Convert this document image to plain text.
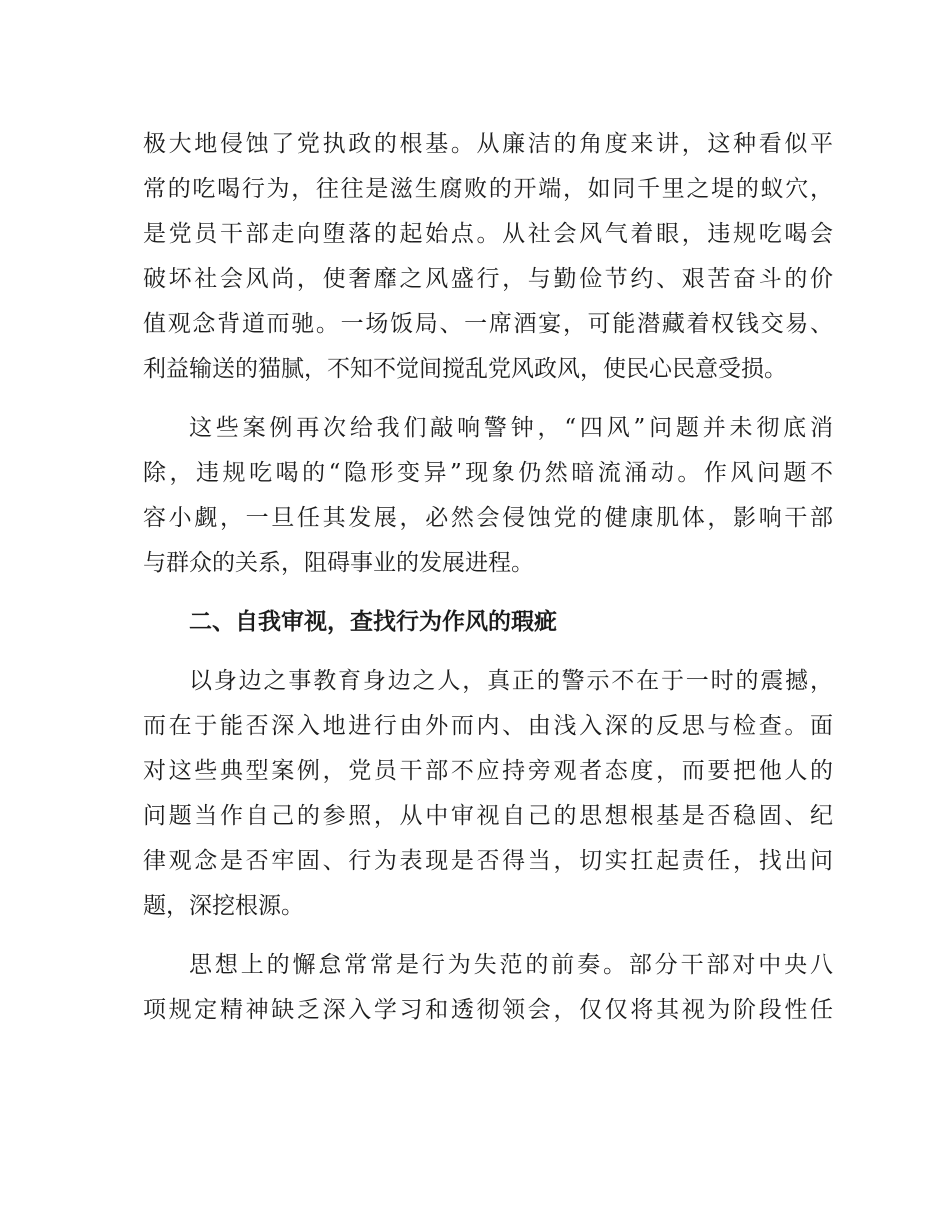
极大地侵蚀了党执政的根基。从廉洁的角度来讲，这种看似平
常的吃喝行为，往往是滋生腐败的开端，如同千里之堤的蚁穴，
是党员干部走向堕落的起始点。从社会风气着眼，违规吃喝会
破坏社会风尚，使奢靡之风盛行，与勤俭节约、艰苦奋斗的价
值观念背道而驰。一场饭局、一席酒宴，可能潜藏着权钱交易、
利益输送的猫腻，不知不觉间搅乱党风政风，使民心民意受损。
这些案例再次给我们敲响警钟，“四风”问题并未彻底消
除，违规吃喝的“隐形变异”现象仍然暗流涌动。作风问题不
容小觑，一旦任其发展，必然会侵蚀党的健康肌体，影响干部
与群众的关系，阻碍事业的发展进程。
二、自我审视，查找行为作风的瑕疵
以身边之事教育身边之人，真正的警示不在于一时的震撼，
而在于能否深入地进行由外而内、由浅入深的反思与检查。面
对这些典型案例，党员干部不应持旁观者态度，而要把他人的
问题当作自己的参照，从中审视自己的思想根基是否稳固、纪
律观念是否牢固、行为表现是否得当，切实扛起责任，找出问
题，深挖根源。
思想上的懈怠常常是行为失范的前奏。部分干部对中央八
项规定精神缺乏深入学习和透彻领会，仅仅将其视为阶段性任
